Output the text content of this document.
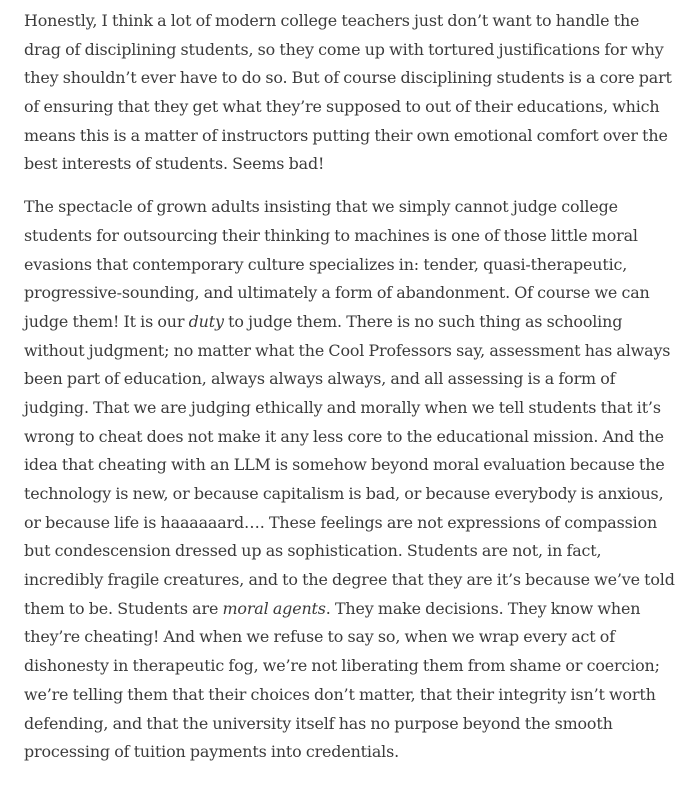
Honestly, I think a lot of modern college teachers just don’t want to handle the
drag of disciplining students, so they come up with tortured justifications for why
they shouldn’t ever have to do so. But of course disciplining students is a core part
of ensuring that they get what they’re supposed to out of their educations, which
means this is a matter of instructors putting their own emotional comfort over the
best interests of students. Seems bad!
The spectacle of grown adults insisting that we simply cannot judge college
students for outsourcing their thinking to machines is one of those little moral
evasions that contemporary culture specializes in: tender, quasi-therapeutic,
progressive-sounding, and ultimately a form of abandonment. Of course we can
judge them! It is our duty to judge them. There is no such thing as schooling
without judgment; no matter what the Cool Professors say, assessment has always
been part of education, always always always, and all assessing is a form of
judging. That we are judging ethically and morally when we tell students that it’s
wrong to cheat does not make it any less core to the educational mission. And the
idea that cheating with an LLM is somehow beyond moral evaluation because the
technology is new, or because capitalism is bad, or because everybody is anxious,
or because life is haaaaaard…. These feelings are not expressions of compassion
but condescension dressed up as sophistication. Students are not, in fact,
incredibly fragile creatures, and to the degree that they are it’s because we’ve told
them to be. Students are moral agents. They make decisions. They know when
they’re cheating! And when we refuse to say so, when we wrap every act of
dishonesty in therapeutic fog, we’re not liberating them from shame or coercion;
we’re telling them that their choices don’t matter, that their integrity isn’t worth
defending, and that the university itself has no purpose beyond the smooth
processing of tuition payments into credentials.
